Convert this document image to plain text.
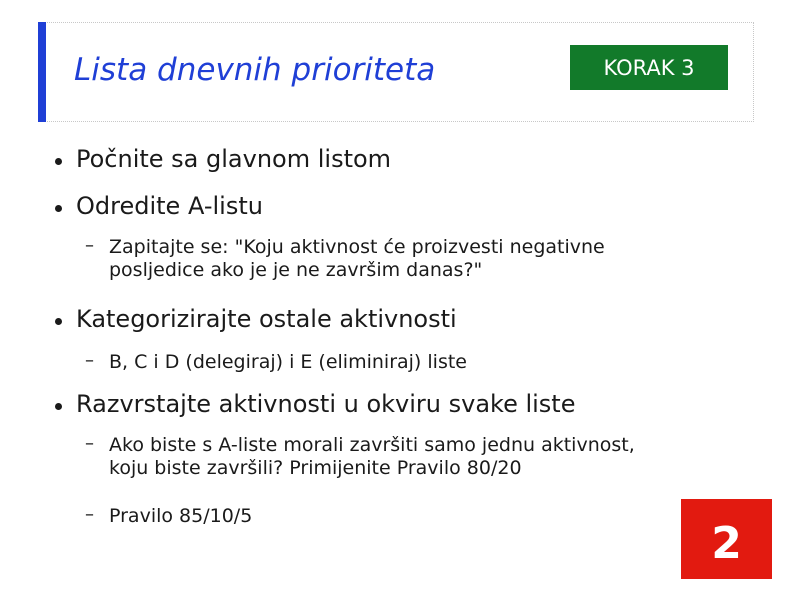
Lista dnevnih prioriteta	KORAK 3
Počnite sa glavnom listom
Odredite A-listu
– Zapitajte se: "Koju aktivnost će proizvesti negativne
posljedice ako je je ne završim danas?"
Kategorizirajte ostale aktivnosti
– B, C i D (delegiraj) i E (eliminiraj) liste
Razvrstajte aktivnosti u okviru svake liste
– Ako biste s A-liste morali završiti samo jednu aktivnost,
koju biste završili? Primijenite Pravilo 80/20
– Pravilo 85/10/5
2
